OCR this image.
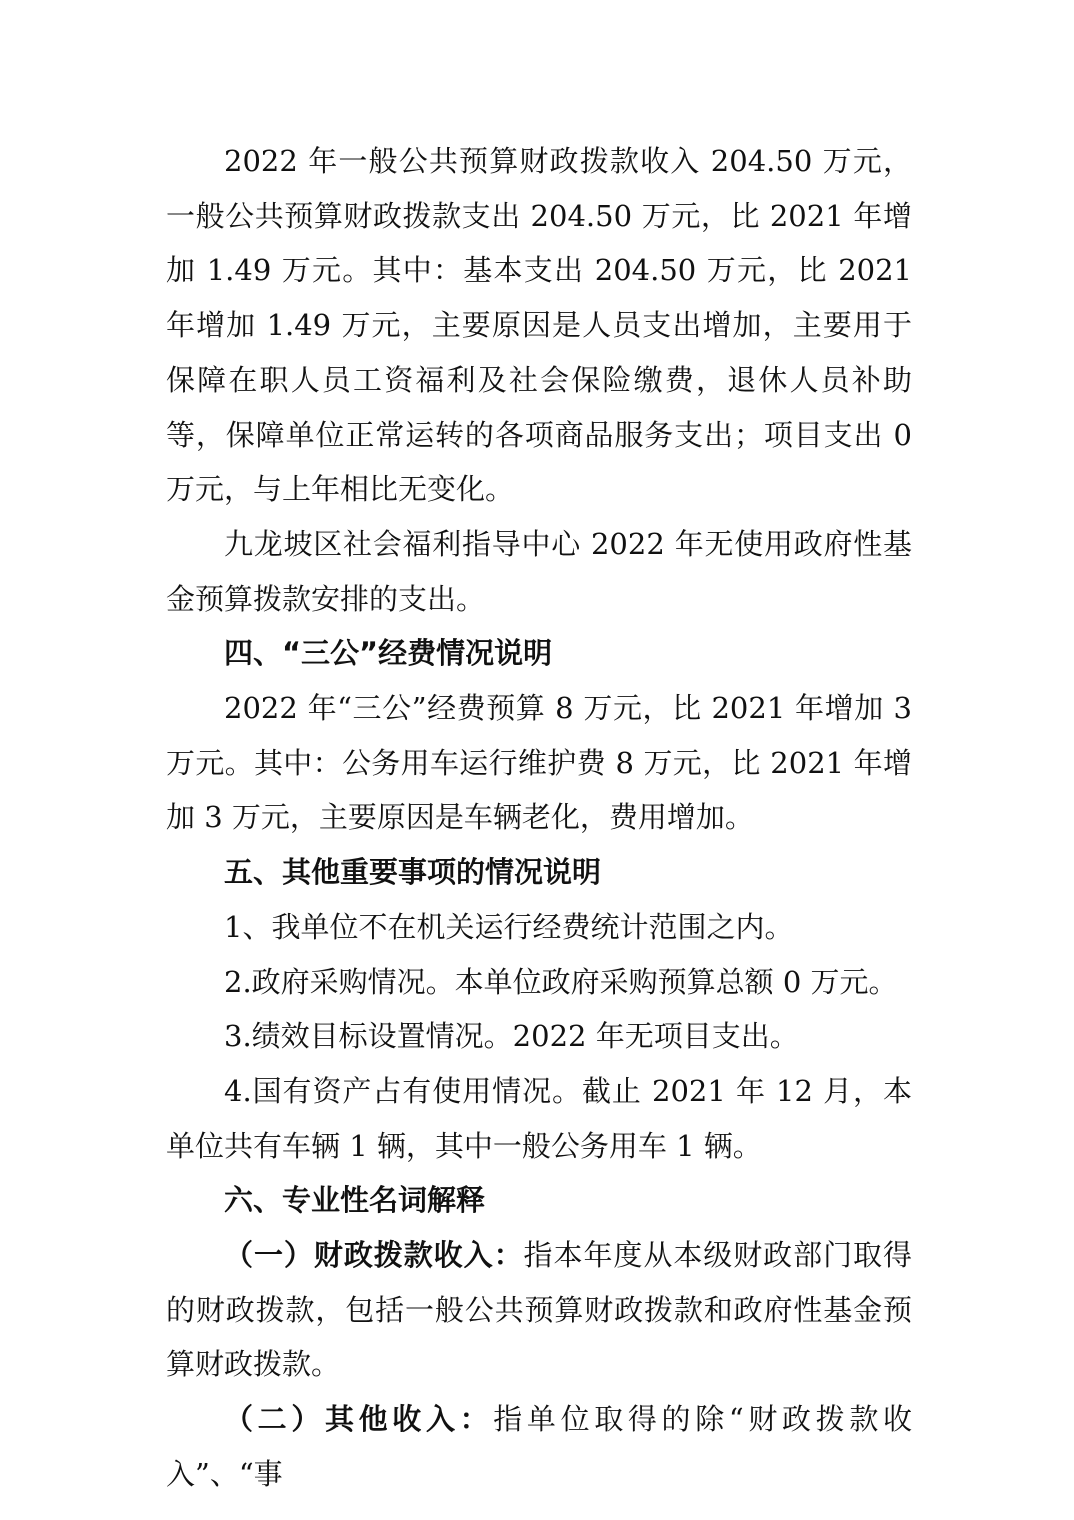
2022 年一般公共预算财政拨款收入 204.50 万元，一般公共预算财政拨款支出 204.50 万元，比 2021 年增加 1.49 万元。其中：基本支出 204.50 万元，比 2021 年增加 1.49 万元，主要原因是人员支出增加，主要用于保障在职人员工资福利及社会保险缴费，退休人员补助等，保障单位正常运转的各项商品服务支出；项目支出 0 万元，与上年相比无变化。

九龙坡区社会福利指导中心 2022 年无使用政府性基金预算拨款安排的支出。

四、“三公”经费情况说明

2022 年“三公”经费预算 8 万元，比 2021 年增加 3 万元。其中：公务用车运行维护费 8 万元，比 2021 年增加 3 万元，主要原因是车辆老化，费用增加。

五、其他重要事项的情况说明

1、我单位不在机关运行经费统计范围之内。

2.政府采购情况。本单位政府采购预算总额 0 万元。

3.绩效目标设置情况。2022 年无项目支出。

4.国有资产占有使用情况。截止 2021 年 12 月，本单位共有车辆 1 辆，其中一般公务用车 1 辆。

六、专业性名词解释

（一）财政拨款收入：指本年度从本级财政部门取得的财政拨款，包括一般公共预算财政拨款和政府性基金预算财政拨款。

（二）其他收入：指单位取得的除“财政拨款收入”、“事
